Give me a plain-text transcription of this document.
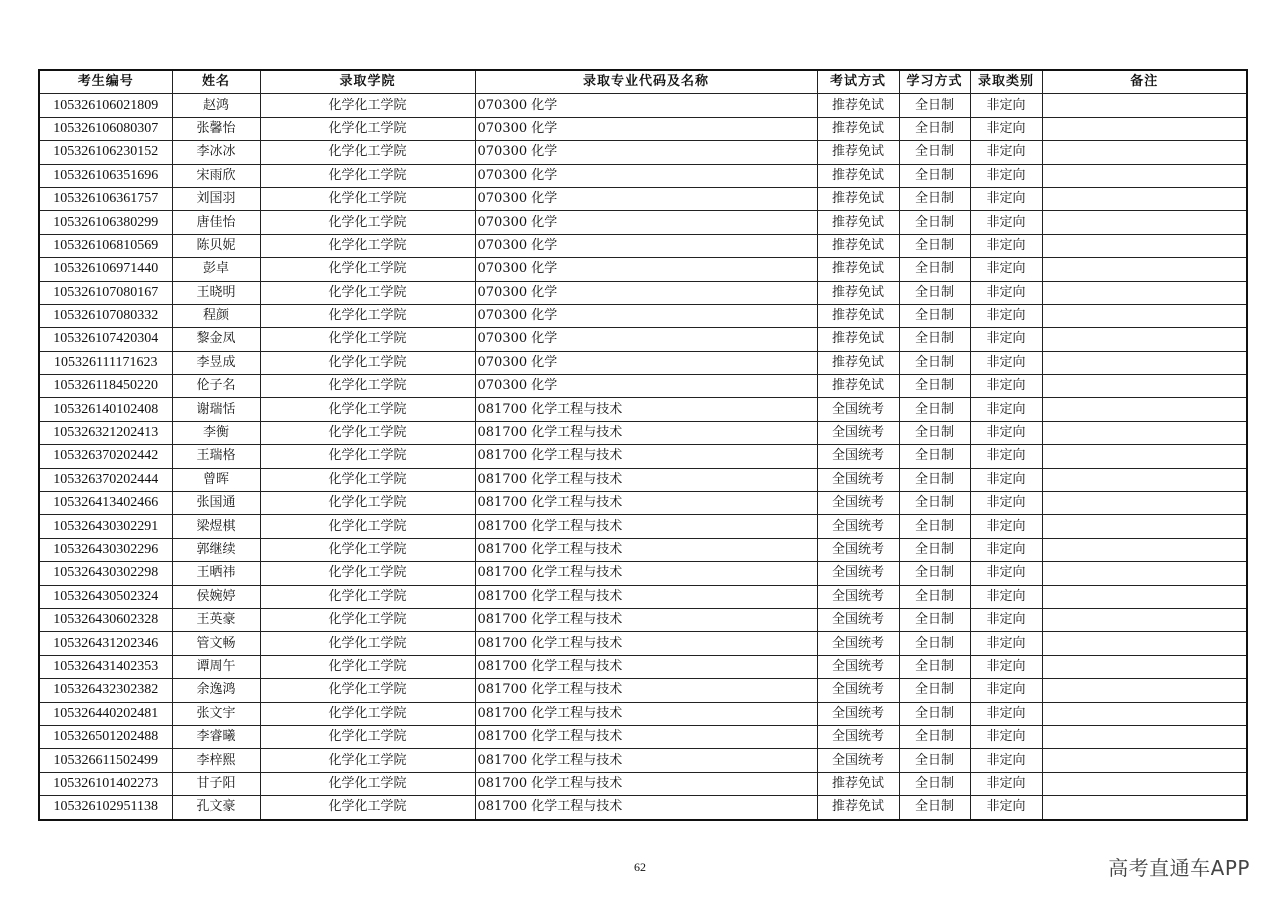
考生编号	姓名	录取学院	录取专业代码及名称	考试方式	学习方式	录取类别	备注
105326106021809	赵鸿	化学化工学院	070300 化学	推荐免试	全日制	非定向	
105326106080307	张馨怡	化学化工学院	070300 化学	推荐免试	全日制	非定向	
105326106230152	李冰冰	化学化工学院	070300 化学	推荐免试	全日制	非定向	
105326106351696	宋雨欣	化学化工学院	070300 化学	推荐免试	全日制	非定向	
105326106361757	刘国羽	化学化工学院	070300 化学	推荐免试	全日制	非定向	
105326106380299	唐佳怡	化学化工学院	070300 化学	推荐免试	全日制	非定向	
105326106810569	陈贝妮	化学化工学院	070300 化学	推荐免试	全日制	非定向	
105326106971440	彭卓	化学化工学院	070300 化学	推荐免试	全日制	非定向	
105326107080167	王晓明	化学化工学院	070300 化学	推荐免试	全日制	非定向	
105326107080332	程颜	化学化工学院	070300 化学	推荐免试	全日制	非定向	
105326107420304	黎金凤	化学化工学院	070300 化学	推荐免试	全日制	非定向	
105326111171623	李昱成	化学化工学院	070300 化学	推荐免试	全日制	非定向	
105326118450220	伦子名	化学化工学院	070300 化学	推荐免试	全日制	非定向	
105326140102408	谢瑞恬	化学化工学院	081700 化学工程与技术	全国统考	全日制	非定向	
105326321202413	李衡	化学化工学院	081700 化学工程与技术	全国统考	全日制	非定向	
105326370202442	王瑞格	化学化工学院	081700 化学工程与技术	全国统考	全日制	非定向	
105326370202444	曾晖	化学化工学院	081700 化学工程与技术	全国统考	全日制	非定向	
105326413402466	张国通	化学化工学院	081700 化学工程与技术	全国统考	全日制	非定向	
105326430302291	梁煜棋	化学化工学院	081700 化学工程与技术	全国统考	全日制	非定向	
105326430302296	郭继续	化学化工学院	081700 化学工程与技术	全国统考	全日制	非定向	
105326430302298	王晒祎	化学化工学院	081700 化学工程与技术	全国统考	全日制	非定向	
105326430502324	侯婉婷	化学化工学院	081700 化学工程与技术	全国统考	全日制	非定向	
105326430602328	王英豪	化学化工学院	081700 化学工程与技术	全国统考	全日制	非定向	
105326431202346	管文畅	化学化工学院	081700 化学工程与技术	全国统考	全日制	非定向	
105326431402353	谭周午	化学化工学院	081700 化学工程与技术	全国统考	全日制	非定向	
105326432302382	余逸鸿	化学化工学院	081700 化学工程与技术	全国统考	全日制	非定向	
105326440202481	张文宇	化学化工学院	081700 化学工程与技术	全国统考	全日制	非定向	
105326501202488	李睿曦	化学化工学院	081700 化学工程与技术	全国统考	全日制	非定向	
105326611502499	李梓熙	化学化工学院	081700 化学工程与技术	全国统考	全日制	非定向	
105326101402273	甘子阳	化学化工学院	081700 化学工程与技术	推荐免试	全日制	非定向	
105326102951138	孔文豪	化学化工学院	081700 化学工程与技术	推荐免试	全日制	非定向	
62	高考直通车APP
